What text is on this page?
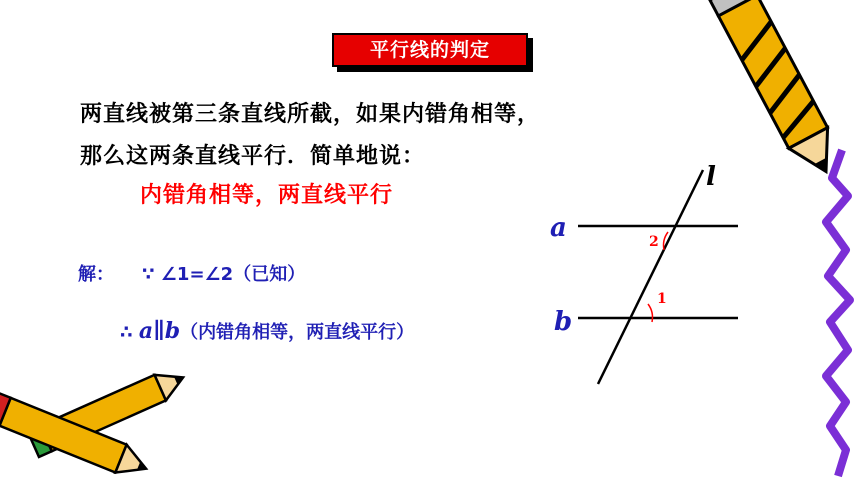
平行线的判定
两直线被第三条直线所截，如果内错角相等，
那么这两条直线平行．简单地说：
内错角相等，两直线平行
解： ∵ ∠1=∠2（已知）
∴ a∥b（内错角相等，两直线平行）
l
a
b
2
1
